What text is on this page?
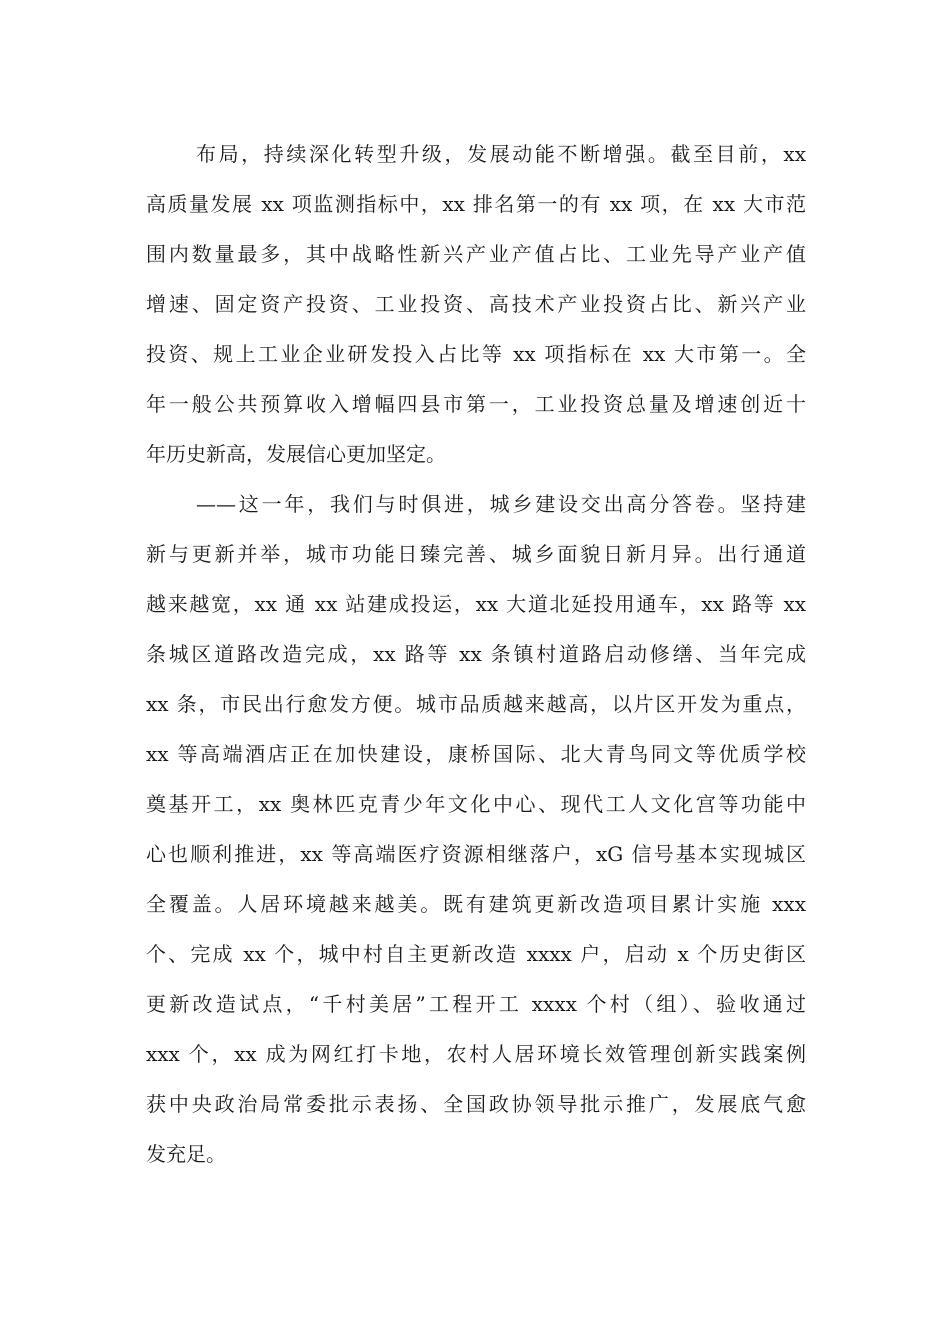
布局，持续深化转型升级，发展动能不断增强。截至目前，xx
高质量发展 xx 项监测指标中，xx 排名第一的有 xx 项，在 xx 大市范
围内数量最多，其中战略性新兴产业产值占比、工业先导产业产值
增速、固定资产投资、工业投资、高技术产业投资占比、新兴产业
投资、规上工业企业研发投入占比等 xx 项指标在 xx 大市第一。全
年一般公共预算收入增幅四县市第一，工业投资总量及增速创近十
年历史新高，发展信心更加坚定。
——这一年，我们与时俱进，城乡建设交出高分答卷。坚持建
新与更新并举，城市功能日臻完善、城乡面貌日新月异。出行通道
越来越宽，xx 通 xx 站建成投运，xx 大道北延投用通车，xx 路等 xx
条城区道路改造完成，xx 路等 xx 条镇村道路启动修缮、当年完成
xx 条，市民出行愈发方便。城市品质越来越高，以片区开发为重点，
xx 等高端酒店正在加快建设，康桥国际、北大青鸟同文等优质学校
奠基开工，xx 奥林匹克青少年文化中心、现代工人文化宫等功能中
心也顺利推进，xx 等高端医疗资源相继落户，xG 信号基本实现城区
全覆盖。人居环境越来越美。既有建筑更新改造项目累计实施 xxx
个、完成 xx 个，城中村自主更新改造 xxxx 户，启动 x 个历史街区
更新改造试点，“千村美居”工程开工 xxxx 个村（组）、验收通过
xxx 个，xx 成为网红打卡地，农村人居环境长效管理创新实践案例
获中央政治局常委批示表扬、全国政协领导批示推广，发展底气愈
发充足。
